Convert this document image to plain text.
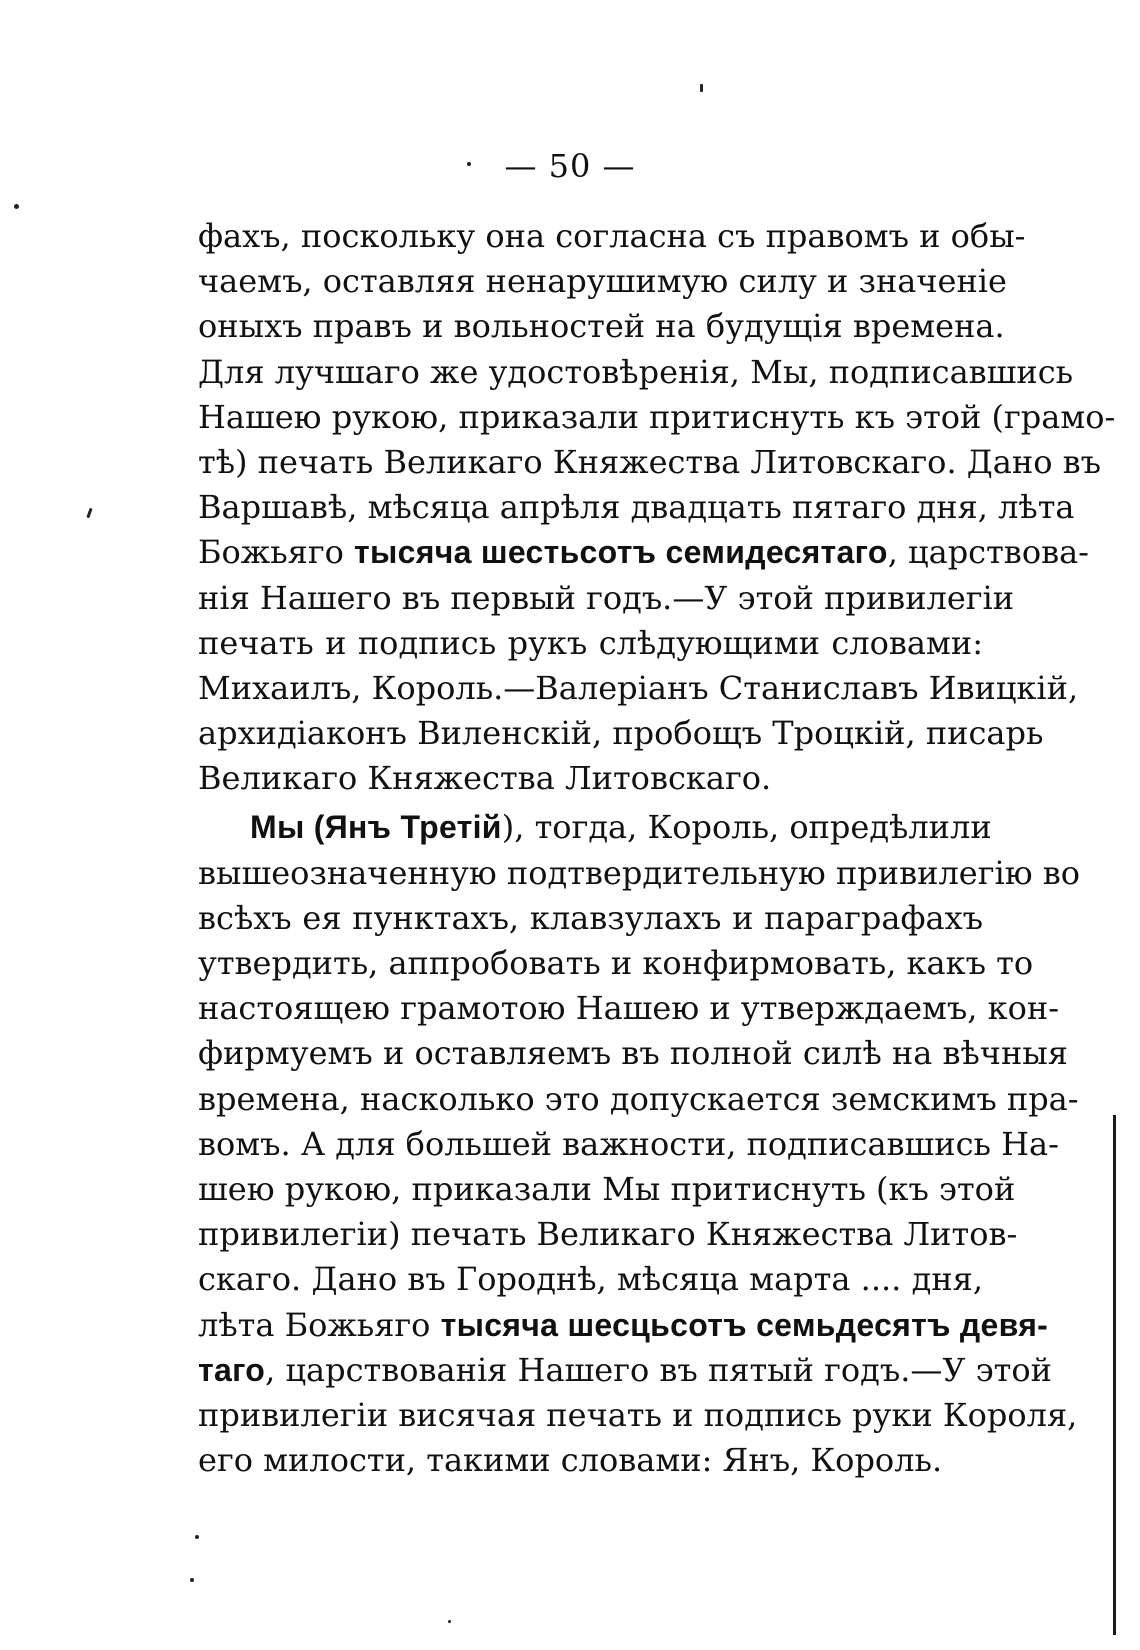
— 50 —
фахъ, поскольку она согласна съ правомъ и обы-
чаемъ, оставляя ненарушимую силу и значенiе
оныхъ правъ и вольностей на будущiя времена.
Для лучшаго же удостовѣренiя, Мы, подписавшись
Нашею рукою, приказали притиснуть къ этой (грамо-
тѣ) печать Великаго Княжества Литовскаго. Дано въ
Варшавѣ, мѣсяца апрѣля двадцать пятаго дня, лѣта
Божьяго тысяча шестьсотъ семидесятаго, царствова-
нiя Нашего въ первый годъ.—У этой привилегiи
печать и подпись рукъ слѣдующими словами:
Михаилъ, Король.—Валерiанъ Станиславъ Ивицкiй,
архидiаконъ Виленскiй, пробощъ Троцкiй, писарь
Великаго Княжества Литовскаго.
Мы (Янъ Третiй), тогда, Король, опредѣлили
вышеозначенную подтвердительную привилегiю во
всѣхъ ея пунктахъ, клавзулахъ и параграфахъ
утвердить, аппробовать и конфирмовать, какъ то
настоящею грамотою Нашею и утверждаемъ, кон-
фирмуемъ и оставляемъ въ полной силѣ на вѣчныя
времена, насколько это допускается земскимъ пра-
вомъ. А для большей важности, подписавшись На-
шею рукою, приказали Мы притиснуть (къ этой
привилегiи) печать Великаго Княжества Литов-
скаго. Дано въ Городнѣ, мѣсяца марта .... дня,
лѣта Божьяго тысяча шесцьсотъ семьдесятъ девя-
таго, царствованiя Нашего въ пятый годъ.—У этой
привилегiи висячая печать и подпись руки Короля,
его милости, такими словами: Янъ, Король.
